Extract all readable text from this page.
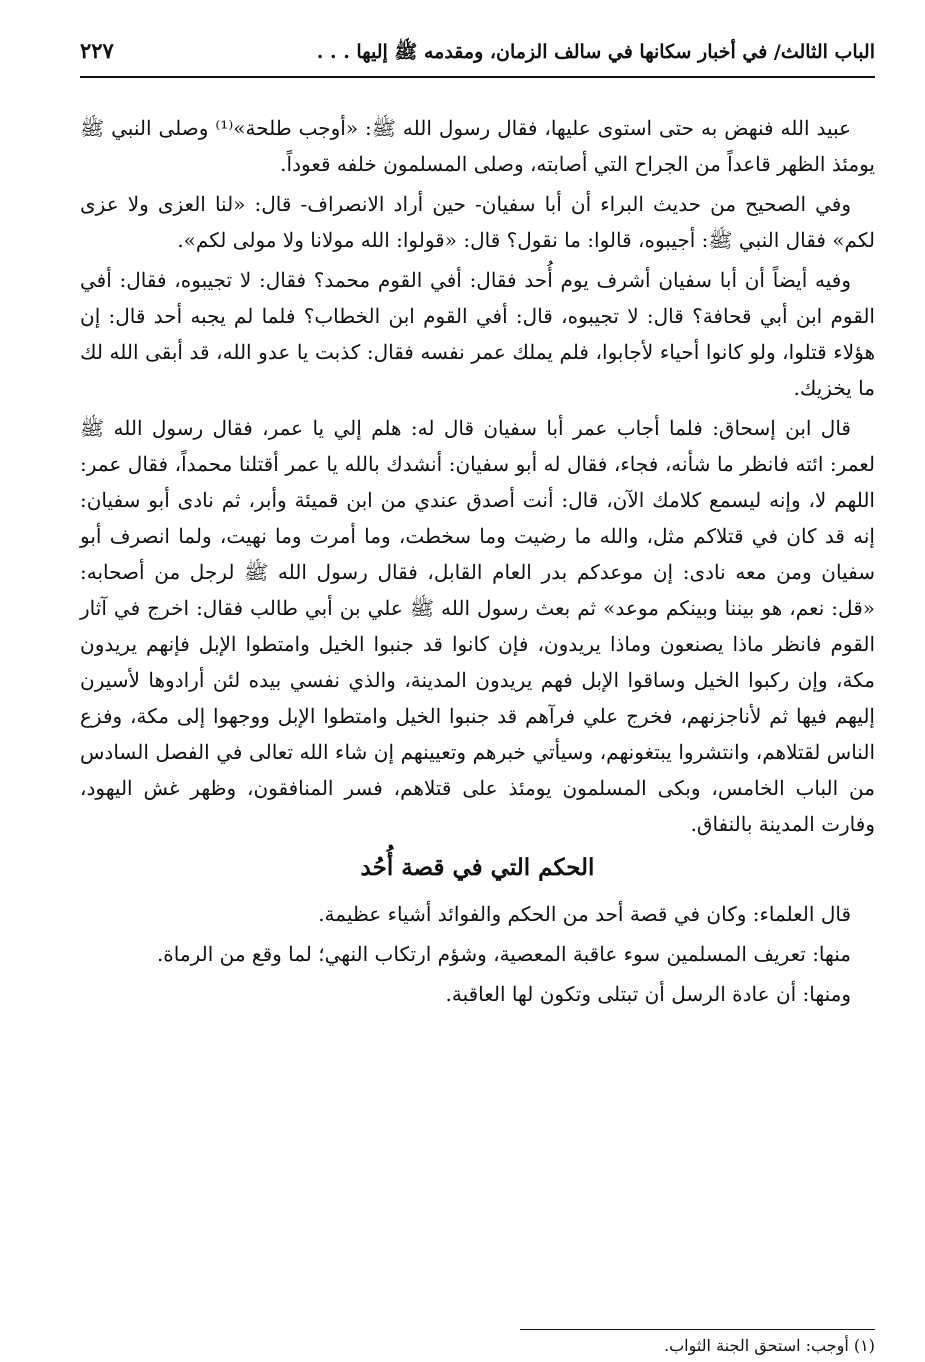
الباب الثالث/ في أخبار سكانها في سالف الزمان، ومقدمه ﷺ إليها . . .
٢٢٧

عبيد الله فنهض به حتى استوى عليها، فقال رسول الله ﷺ: «أوجب طلحة»⁽¹⁾ وصلى النبي ﷺ يومئذ الظهر قاعداً من الجراح التي أصابته، وصلى المسلمون خلفه قعوداً.

وفي الصحيح من حديث البراء أن أبا سفيان- حين أراد الانصراف- قال: «لنا العزى ولا عزى لكم» فقال النبي ﷺ: أجيبوه، قالوا: ما نقول؟ قال: «قولوا: الله مولانا ولا مولى لكم».

وفيه أيضاً أن أبا سفيان أشرف يوم أُحد فقال: أفي القوم محمد؟ فقال: لا تجيبوه، فقال: أفي القوم ابن أبي قحافة؟ قال: لا تجيبوه، قال: أفي القوم ابن الخطاب؟ فلما لم يجبه أحد قال: إن هؤلاء قتلوا، ولو كانوا أحياء لأجابوا، فلم يملك عمر نفسه فقال: كذبت يا عدو الله، قد أبقى الله لك ما يخزيك.

قال ابن إسحاق: فلما أجاب عمر أبا سفيان قال له: هلم إلي يا عمر، فقال رسول الله ﷺ لعمر: ائته فانظر ما شأنه، فجاء، فقال له أبو سفيان: أنشدك بالله يا عمر أقتلنا محمداً، فقال عمر: اللهم لا، وإنه ليسمع كلامك الآن، قال: أنت أصدق عندي من ابن قميئة وأبر، ثم نادى أبو سفيان: إنه قد كان في قتلاكم مثل، والله ما رضيت وما سخطت، وما أمرت وما نهيت، ولما انصرف أبو سفيان ومن معه نادى: إن موعدكم بدر العام القابل، فقال رسول الله ﷺ لرجل من أصحابه: «قل: نعم، هو بيننا وبينكم موعد» ثم بعث رسول الله ﷺ علي بن أبي طالب فقال: اخرج في آثار القوم فانظر ماذا يصنعون وماذا يريدون، فإن كانوا قد جنبوا الخيل وامتطوا الإبل فإنهم يريدون مكة، وإن ركبوا الخيل وساقوا الإبل فهم يريدون المدينة، والذي نفسي بيده لئن أرادوها لأسيرن إليهم فيها ثم لأناجزنهم، فخرج علي فرآهم قد جنبوا الخيل وامتطوا الإبل ووجهوا إلى مكة، وفزع الناس لقتلاهم، وانتشروا يبتغونهم، وسيأتي خبرهم وتعيينهم إن شاء الله تعالى في الفصل السادس من الباب الخامس، وبكى المسلمون يومئذ على قتلاهم، فسر المنافقون، وظهر غش اليهود، وفارت المدينة بالنفاق.

الحكم التي في قصة أُحُد

قال العلماء: وكان في قصة أحد من الحكم والفوائد أشياء عظيمة.

منها: تعريف المسلمين سوء عاقبة المعصية، وشؤم ارتكاب النهي؛ لما وقع من الرماة.

ومنها: أن عادة الرسل أن تبتلى وتكون لها العاقبة.

(١) أوجب: استحق الجنة الثواب.
